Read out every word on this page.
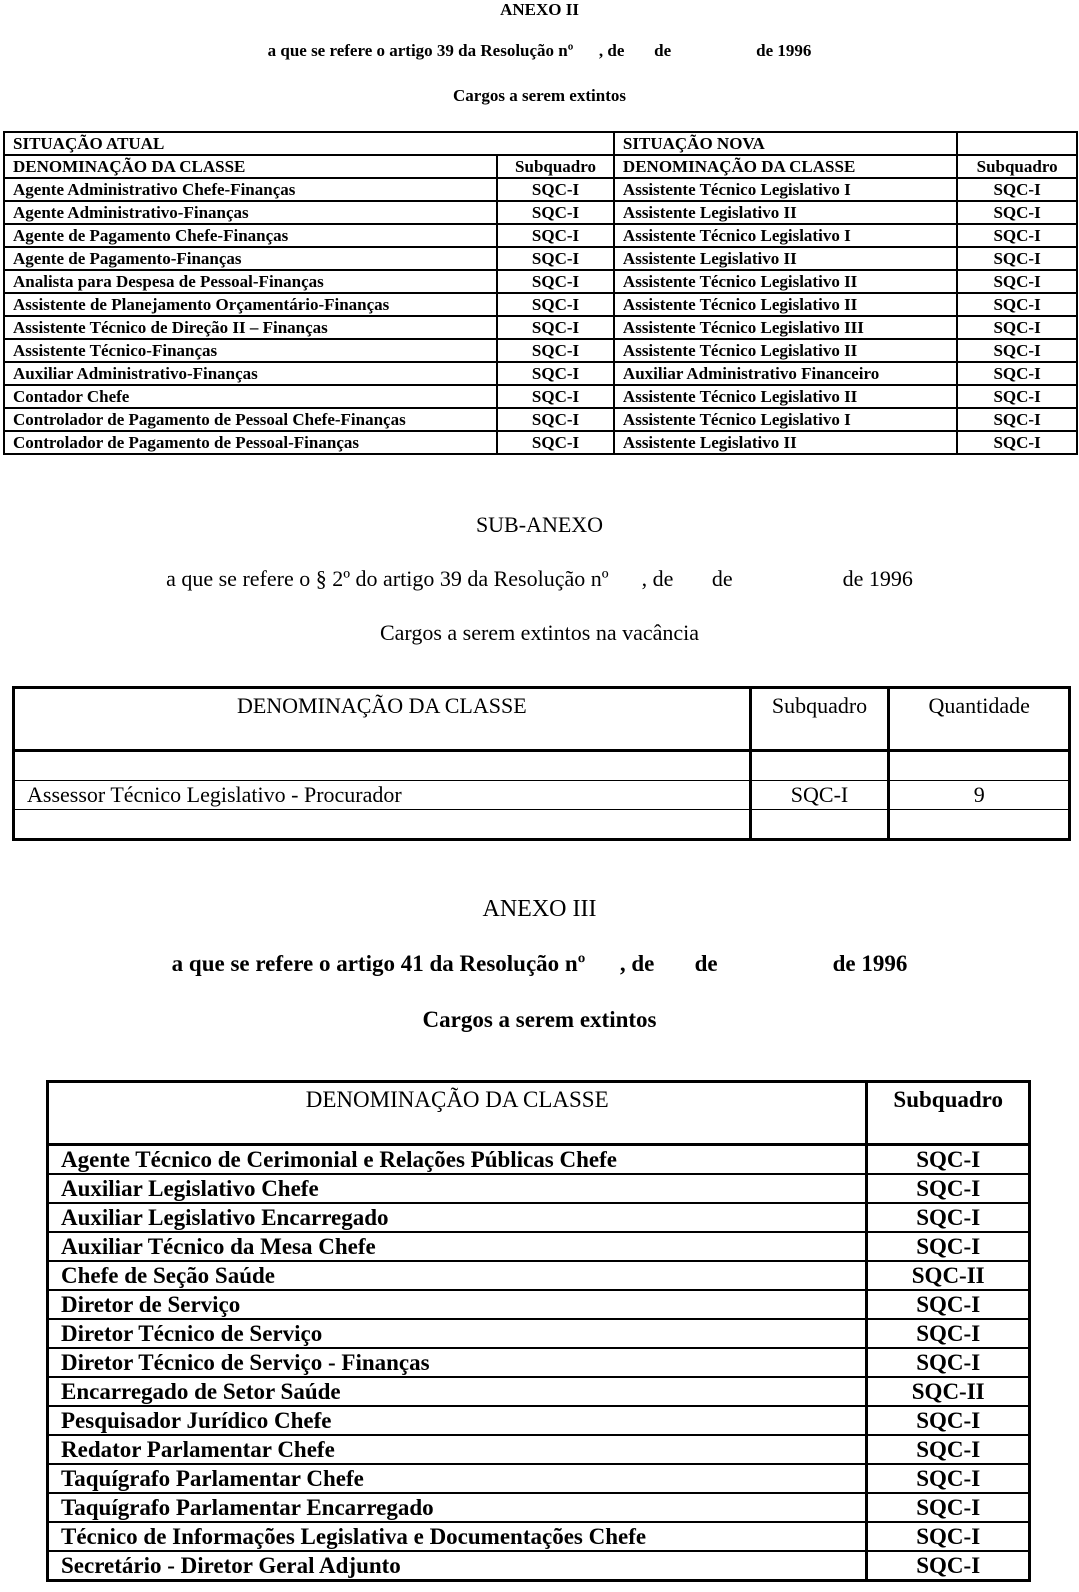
ANEXO II
a que se refere o artigo 39 da Resolução nº      , de       de                    de 1996
Cargos a serem extintos
SITUAÇÃO ATUAL		SITUAÇÃO NOVA	
DENOMINAÇÃO DA CLASSE	Subquadro	DENOMINAÇÃO DA CLASSE	Subquadro
Agente Administrativo Chefe-Finanças	SQC-I	Assistente Técnico Legislativo I	SQC-I
Agente Administrativo-Finanças	SQC-I	Assistente Legislativo II	SQC-I
Agente de Pagamento Chefe-Finanças	SQC-I	Assistente Técnico Legislativo I	SQC-I
Agente de Pagamento-Finanças	SQC-I	Assistente Legislativo II	SQC-I
Analista para Despesa de Pessoal-Finanças	SQC-I	Assistente Técnico Legislativo II	SQC-I
Assistente de Planejamento Orçamentário-Finanças	SQC-I	Assistente Técnico Legislativo II	SQC-I
Assistente Técnico de Direção II – Finanças	SQC-I	Assistente Técnico Legislativo III	SQC-I
Assistente Técnico-Finanças	SQC-I	Assistente Técnico Legislativo II	SQC-I
Auxiliar Administrativo-Finanças	SQC-I	Auxiliar Administrativo Financeiro	SQC-I
Contador Chefe	SQC-I	Assistente Técnico Legislativo II	SQC-I
Controlador de Pagamento de Pessoal Chefe-Finanças	SQC-I	Assistente Técnico Legislativo I	SQC-I
Controlador de Pagamento de Pessoal-Finanças	SQC-I	Assistente Legislativo II	SQC-I
SUB-ANEXO
a que se refere o § 2º do artigo 39 da Resolução nº      , de       de                    de 1996
Cargos a serem extintos na vacância
DENOMINAÇÃO DA CLASSE	Subquadro	Quantidade

Assessor Técnico Legislativo - Procurador	SQC-I	9

ANEXO III
a que se refere o artigo 41 da Resolução nº      , de       de                    de 1996
Cargos a serem extintos
DENOMINAÇÃO DA CLASSE	Subquadro
Agente Técnico de Cerimonial e Relações Públicas Chefe	SQC-I
Auxiliar Legislativo Chefe	SQC-I
Auxiliar Legislativo Encarregado	SQC-I
Auxiliar Técnico da Mesa Chefe	SQC-I
Chefe de Seção Saúde	SQC-II
Diretor de Serviço	SQC-I
Diretor Técnico de Serviço	SQC-I
Diretor Técnico de Serviço - Finanças	SQC-I
Encarregado de Setor Saúde	SQC-II
Pesquisador Jurídico Chefe	SQC-I
Redator Parlamentar Chefe	SQC-I
Taquígrafo Parlamentar Chefe	SQC-I
Taquígrafo Parlamentar Encarregado	SQC-I
Técnico de Informações Legislativa e Documentações Chefe	SQC-I
Secretário - Diretor Geral Adjunto	SQC-I
